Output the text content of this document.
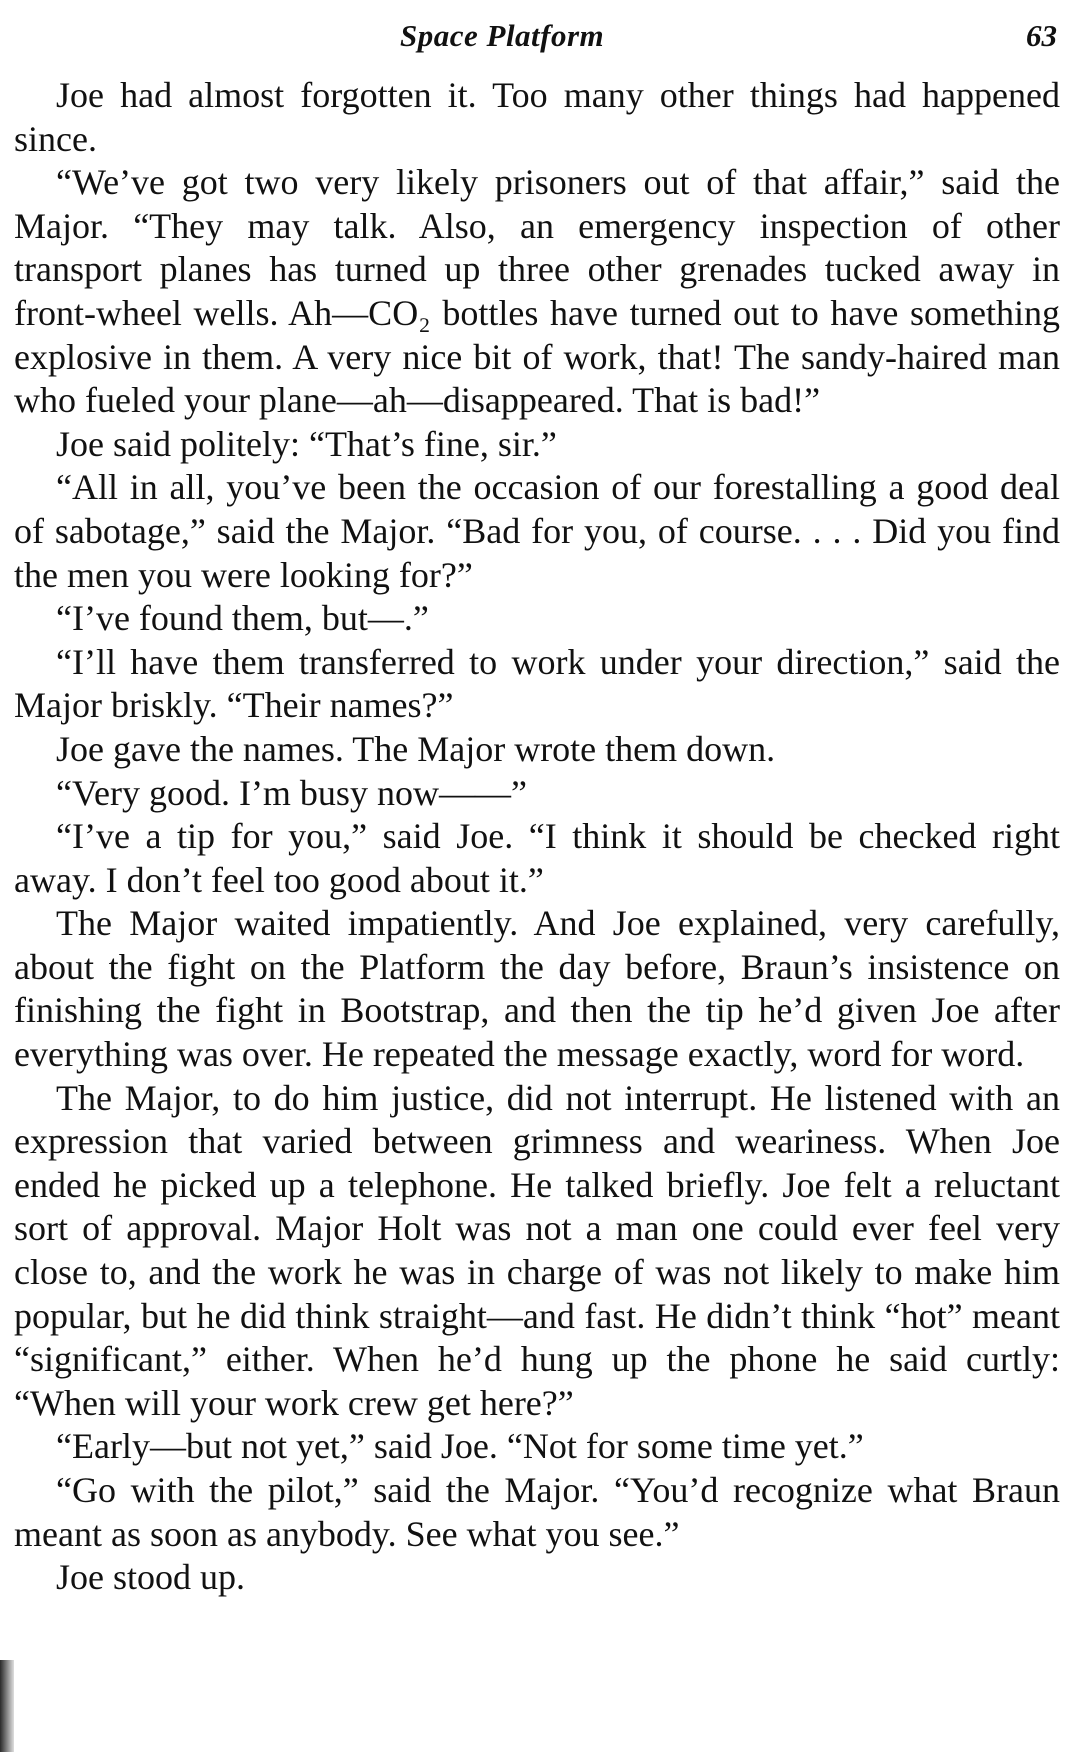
Space Platform	63

Joe had almost forgotten it. Too many other things had happened since.

“We’ve got two very likely prisoners out of that affair,” said the Major. “They may talk. Also, an emergency inspection of other transport planes has turned up three other grenades tucked away in front-wheel wells. Ah—CO₂ bottles have turned out to have something explosive in them. A very nice bit of work, that! The sandy-haired man who fueled your plane—ah—disappeared. That is bad!”

Joe said politely: “That’s fine, sir.”

“All in all, you’ve been the occasion of our forestalling a good deal of sabotage,” said the Major. “Bad for you, of course. . . . Did you find the men you were looking for?”

“I’ve found them, but—.”

“I’ll have them transferred to work under your direction,” said the Major briskly. “Their names?”

Joe gave the names. The Major wrote them down.

“Very good. I’m busy now——”

“I’ve a tip for you,” said Joe. “I think it should be checked right away. I don’t feel too good about it.”

The Major waited impatiently. And Joe explained, very carefully, about the fight on the Platform the day before, Braun’s insistence on finishing the fight in Bootstrap, and then the tip he’d given Joe after everything was over. He repeated the message exactly, word for word.

The Major, to do him justice, did not interrupt. He listened with an expression that varied between grimness and weariness. When Joe ended he picked up a telephone. He talked briefly. Joe felt a reluctant sort of approval. Major Holt was not a man one could ever feel very close to, and the work he was in charge of was not likely to make him popular, but he did think straight—and fast. He didn’t think “hot” meant “significant,” either. When he’d hung up the phone he said curtly: “When will your work crew get here?”

“Early—but not yet,” said Joe. “Not for some time yet.”

“Go with the pilot,” said the Major. “You’d recognize what Braun meant as soon as anybody. See what you see.”

Joe stood up.
